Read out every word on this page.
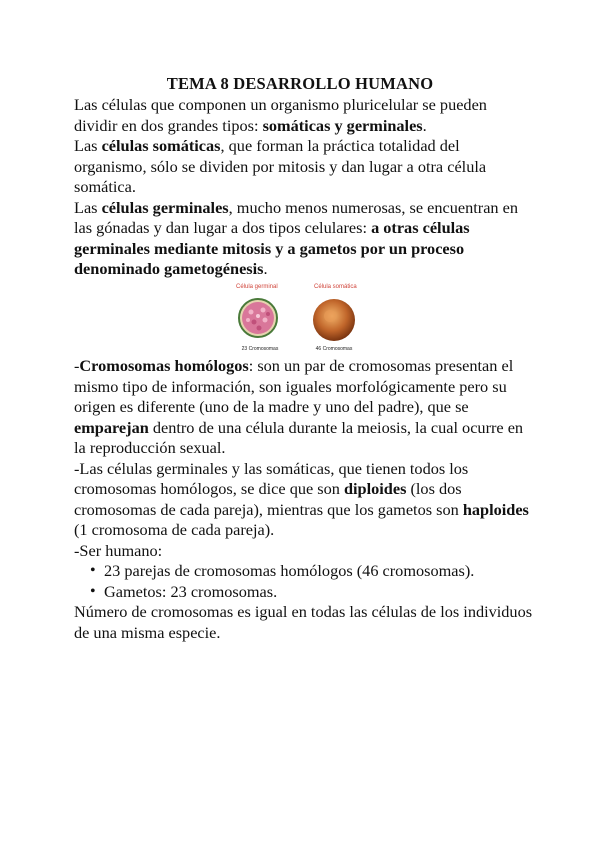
TEMA 8 DESARROLLO HUMANO

Las células que componen un organismo pluricelular se pueden dividir en dos grandes tipos: somáticas y germinales.

Las células somáticas, que forman la práctica totalidad del organismo, sólo se dividen por mitosis y dan lugar a otra célula somática.

Las células germinales, mucho menos numerosas, se encuentran en las gónadas y dan lugar a dos tipos celulares: a otras células germinales mediante mitosis y a gametos por un proceso denominado gametogénesis.

Célula germinal
23 Cromosomas
Célula somática
46 Cromosomas

-Cromosomas homólogos: son un par de cromosomas presentan el mismo tipo de información, son iguales morfológicamente pero su origen es diferente (uno de la madre y uno del padre), que se emparejan dentro de una célula durante la meiosis, la cual ocurre en la reproducción sexual.

-Las células germinales y las somáticas, que tienen todos los cromosomas homólogos, se dice que son diploides (los dos cromosomas de cada pareja), mientras que los gametos son haploides (1 cromosoma de cada pareja).

-Ser humano:

• 23 parejas de cromosomas homólogos (46 cromosomas).
• Gametos: 23 cromosomas.

Número de cromosomas es igual en todas las células de los individuos de una misma especie.
